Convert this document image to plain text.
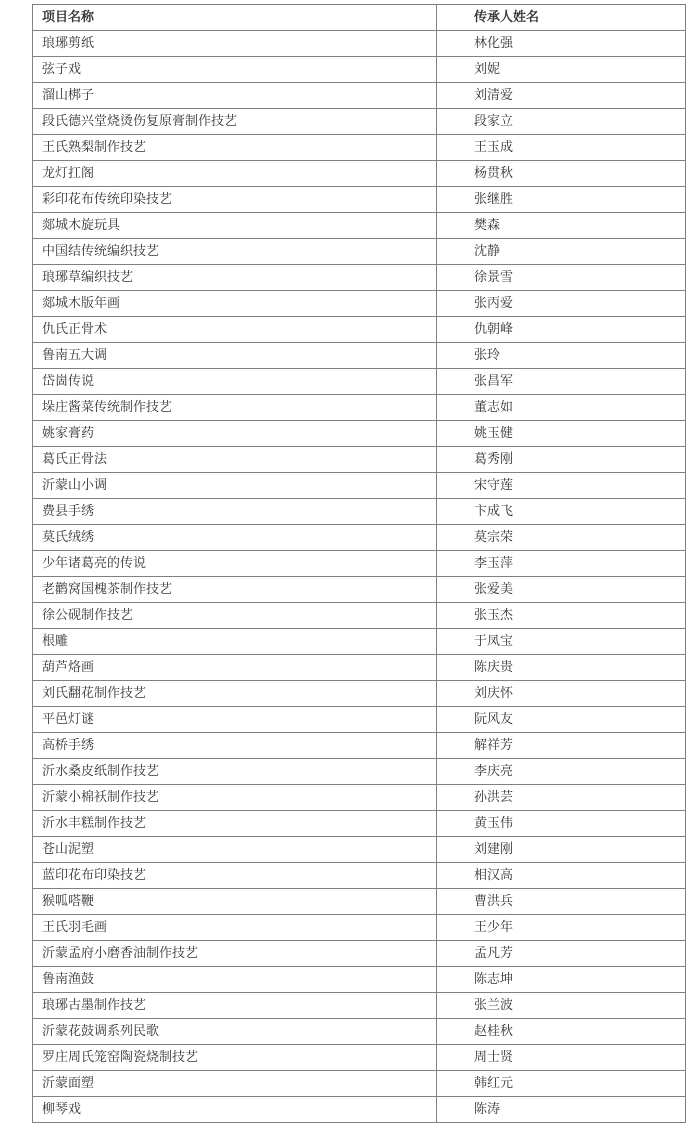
项目名称	传承人姓名
琅琊剪纸	林化强
弦子戏	刘妮
溜山梆子	刘清爱
段氏德兴堂烧烫伤复原膏制作技艺	段家立
王氏熟梨制作技艺	王玉成
龙灯扛阁	杨贯秋
彩印花布传统印染技艺	张继胜
郯城木旋玩具	樊森
中国结传统编织技艺	沈静
琅琊草编织技艺	徐景雪
郯城木版年画	张丙爱
仇氏正骨术	仇朝峰
鲁南五大调	张玲
岱崮传说	张昌军
垛庄酱菜传统制作技艺	董志如
姚家膏药	姚玉健
葛氏正骨法	葛秀刚
沂蒙山小调	宋守莲
费县手绣	卞成飞
莫氏绒绣	莫宗荣
少年诸葛亮的传说	李玉萍
老鹳窝国槐茶制作技艺	张爱美
徐公砚制作技艺	张玉杰
根雕	于凤宝
葫芦烙画	陈庆贵
刘氏翻花制作技艺	刘庆怀
平邑灯谜	阮风友
高桥手绣	解祥芳
沂水桑皮纸制作技艺	李庆亮
沂蒙小棉袄制作技艺	孙洪芸
沂水丰糕制作技艺	黄玉伟
苍山泥塑	刘建刚
蓝印花布印染技艺	相汉高
猴呱嗒鞭	曹洪兵
王氏羽毛画	王少年
沂蒙孟府小磨香油制作技艺	孟凡芳
鲁南渔鼓	陈志坤
琅琊古墨制作技艺	张兰波
沂蒙花鼓调系列民歌	赵桂秋
罗庄周氏笼窑陶瓷烧制技艺	周士贤
沂蒙面塑	韩红元
柳琴戏	陈涛
